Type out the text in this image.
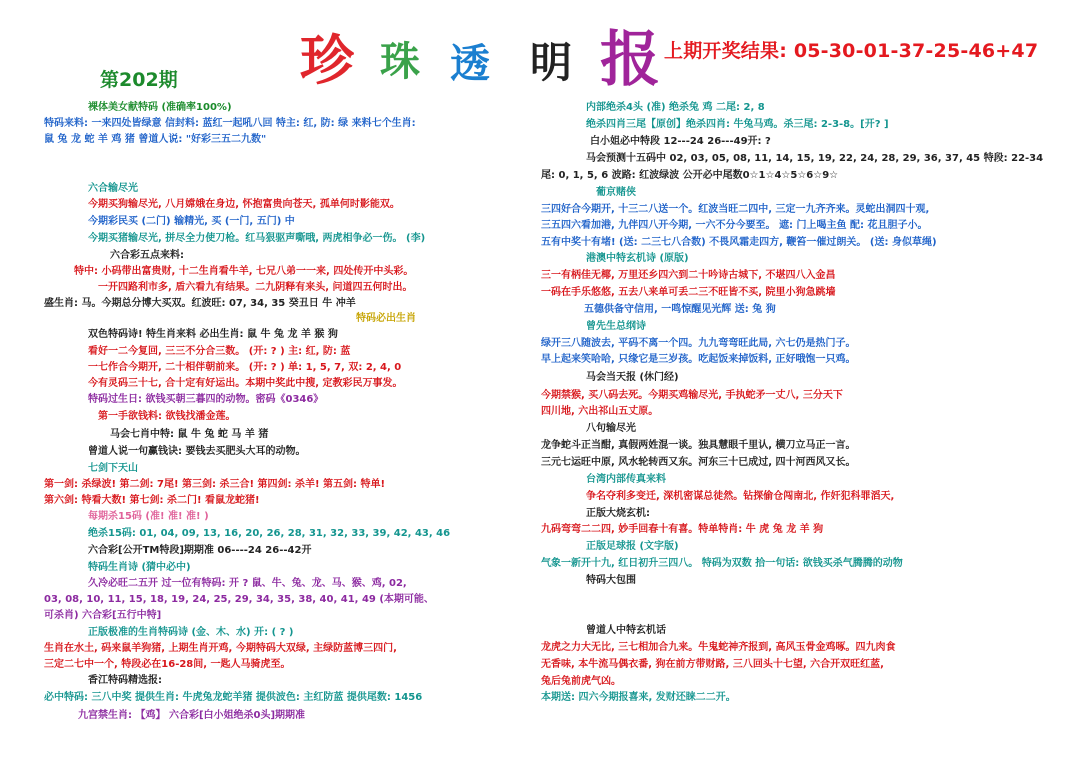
珍 珠 透 明 报 上期开奖结果: 05-30-01-37-25-46+47
第202期
裸体美女献特码 (准确率100%)
特码来料: 一来四处皆绿意 信封料: 蓝红一起吼八回 特主: 红, 防: 绿 来料七个生肖:
鼠 兔 龙 蛇 羊 鸡 猪 曾道人说: "好彩三五二九数"
六合输尽光
今期买狗输尽光, 八月嫦娥在身边, 怀抱富贵向苍天, 孤单何时影能双。
今期彩民买 (二门) 输精光, 买 (一门, 五门) 中
今期买猪输尽光, 拼尽全力使刀枪。红马狠驱声嘶哦, 两虎相争必一伤。 (李)
六合彩五点来料:
特中: 小码带出富贵财, 十二生肖看牛羊, 七兄八弟一一来, 四处传开中头彩。
一开四路利市多, 盾六看九有结果。二九阴释有来头, 问道四五何时出。
盛生肖: 马。今期总分博大买双。红波旺: 07, 34, 35 癸丑日 牛 冲羊
特码必出生肖
双色特码诗! 特生肖来料 必出生肖: 鼠 牛 兔 龙 羊 猴 狗
看好一二今复回, 三三不分合三数。 (开: ? ) 主: 红, 防: 蓝
一七作合今期开, 二十相伴朝前来。 (开: ? ) 单: 1, 5, 7, 双: 2, 4, 0
今有灵码三十七, 合十定有好运出。本期中奖此中搜, 定教彩民万事发。
特码过生日: 欲钱买朝三暮四的动物。密码《0346》
第一手欲钱料: 欲钱找潘金莲。
马会七肖中特: 鼠 牛 兔 蛇 马 羊 猪
曾道人说一句赢钱诀: 要钱去买肥头大耳的动物。
七剑下天山
第一剑: 杀绿波! 第二剑: 7尾! 第三剑: 杀三合! 第四剑: 杀羊! 第五剑: 特单!
第六剑: 特看大数! 第七剑: 杀二门! 看鼠龙蛇猪!
每期杀15码 (准! 准! 准! )
绝杀15码: 01, 04, 09, 13, 16, 20, 26, 28, 31, 32, 33, 39, 42, 43, 46
六合彩[公开TM特段]期期准 06----24 26--42开
特码生肖诗 (猜中必中)
久冷必旺二五开 过一位有特码: 开 ? 鼠、牛、兔、龙、马、猴、鸡, 02,
03, 08, 10, 11, 15, 18, 19, 24, 25, 29, 34, 35, 38, 40, 41, 49 (本期可能、
可杀肖) 六合彩[五行中特]
正版极准的生肖特码诗 (金、木、水) 开: ( ? )
生肖在水土, 码来鼠羊狗猪, 上期生肖开鸡, 今期特码大双绿, 主绿防蓝博三四门,
三定二七中一个, 特段必在16-28间, 一匙人马骑虎至。
香江特码精选报:
必中特码: 三八中奖 提供生肖: 牛虎兔龙蛇羊猪 提供波色: 主红防蓝 提供尾数: 1456
九宫禁生肖: 【鸡】 六合彩[白小姐绝杀0头]期期准
内部绝杀4头 (准) 绝杀兔 鸡 二尾: 2, 8
绝杀四肖三尾【原创】绝杀四肖: 牛兔马鸡。杀三尾: 2-3-8。[开? ]
白小姐必中特段 12---24 26---49开: ?
马会预测十五码中 02, 03, 05, 08, 11, 14, 15, 19, 22, 24, 28, 29, 36, 37, 45 特段: 22-34
尾: 0, 1, 5, 6 波路: 红波绿波 公开必中尾数0☆1☆4☆5☆6☆9☆
葡京赌侠
三四好合今期开, 十三二八送一个。红波当旺二四中, 三定一九齐齐来。灵蛇出洞四十观,
三五四六看加港, 九伴四八开今期, 一六不分今要至。 遮: 门上喝主鱼 配: 花且胆子小。
五有中奖十有堵! (送: 二三七八合数) 不畏风霜走四方, 鞭笞一催过朗关。 (送: 身似草绳)
港澳中特玄机诗 (原版)
三一有柄佳无椰, 万里还乡四六到二十吟诗古城下, 不堪四八入金昌
一码在手乐悠悠, 五去八来单可丢二三不旺皆不买, 院里小狗急跳墙
五德供备守信用, 一鸣惊醒见光辉 送: 兔 狗
曾先生总纲诗
绿开三八随波去, 平码不离一个四。九九弯弯旺此局, 六七仍是热门子。
早上起来笑哈哈, 只缘它是三岁孩。吃起饭来掉饭料, 正好哦饱一只鸡。
马会当天报 (休门经)
今期禁猴, 买八码去死。今期买鸡输尽光, 手执蛇矛一丈八, 三分天下
四川地, 六出祁山五丈原。
八句输尽光
龙争蛇斗正当酣, 真假两姓混一谈。独具慧眼千里认, 横刀立马正一言。
三元七运旺中原, 风水轮转西又东。河东三十已成过, 四十河西风又长。
台湾内部传真来料
争名夺利多变迁, 深机密谋总徒然。钻探偷仓闯南北, 作奸犯科罪滔天,
正版大烧玄机:
九码弯弯二二四, 妙手回春十有喜。特单特肖: 牛 虎 兔 龙 羊 狗
正版足球报 (文字版)
气象一新开十九, 红日初升三四八。 特码为双数 拾一句话: 欲钱买杀气腾腾的动物
特码大包围
曾道人中特玄机话
龙虎之力大无比, 三七相加合九来。牛鬼蛇神齐报到, 高风玉骨金鸡啄。四九肉食
无香味, 本牛流马偶衣番, 狗在前方带财路, 三八回头十七望, 六合开双旺红蓝,
兔后兔前虎气凶。
本期送: 四六今期报喜来, 发财还睐二二开。
